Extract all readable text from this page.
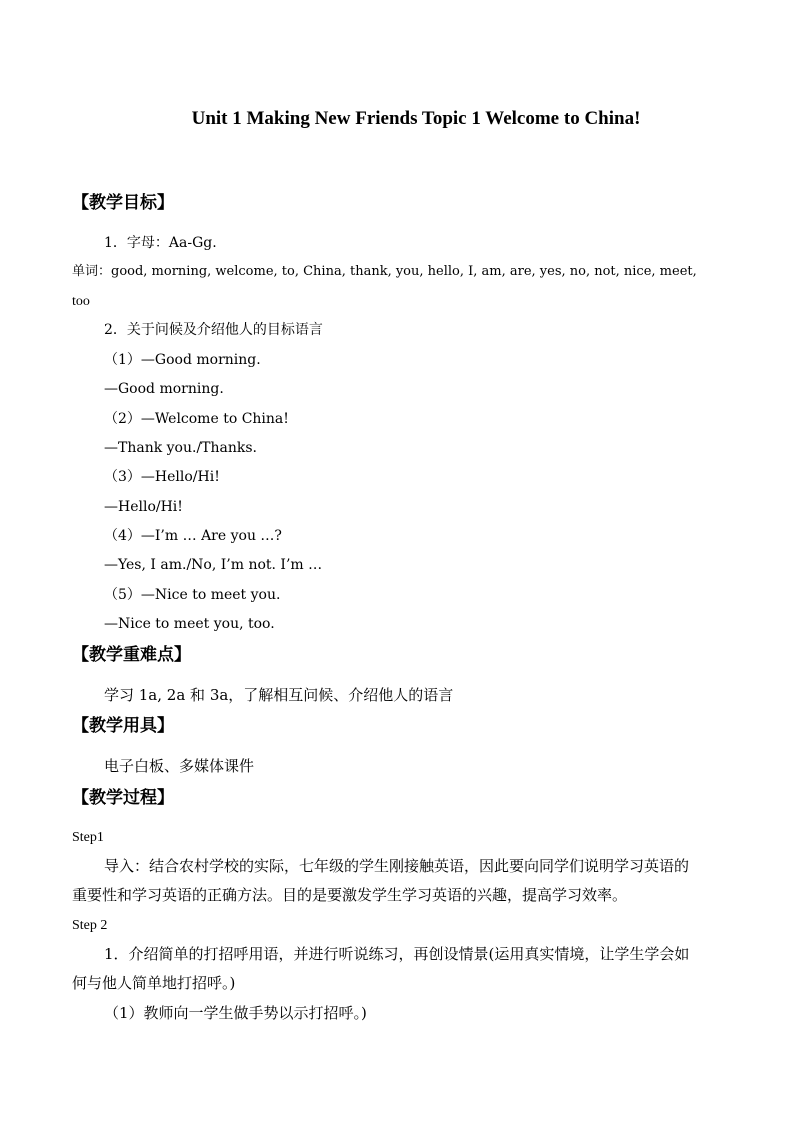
Unit 1 Making New Friends Topic 1 Welcome to China!
【教学目标】
1．字母：Aa-Gg.
单词：good, morning, welcome, to, China, thank, you, hello, I, am, are, yes, no, not, nice, meet,
too
2．关于问候及介绍他人的目标语言
（1）—Good morning.
—Good morning.
（2）—Welcome to China!
—Thank you./Thanks.
（3）—Hello/Hi!
—Hello/Hi!
（4）—I’m … Are you …?
—Yes, I am./No, I’m not. I’m …
（5）—Nice to meet you.
—Nice to meet you, too.
【教学重难点】
学习 1a, 2a 和 3a，了解相互问候、介绍他人的语言
【教学用具】
电子白板、多媒体课件
【教学过程】
Step1
导入：结合农村学校的实际，七年级的学生刚接触英语，因此要向同学们说明学习英语的
重要性和学习英语的正确方法。目的是要激发学生学习英语的兴趣，提高学习效率。
Step 2
1．介绍简单的打招呼用语，并进行听说练习，再创设情景(运用真实情境，让学生学会如
何与他人简单地打招呼。)
（1）教师向一学生做手势以示打招呼。)
